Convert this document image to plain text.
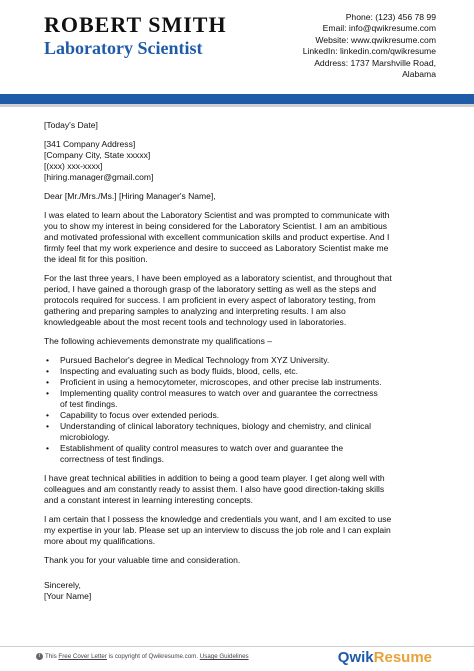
ROBERT SMITH
Laboratory Scientist
Phone: (123) 456 78 99
Email: info@qwikresume.com
Website: www.qwikresume.com
LinkedIn: linkedin.com/qwikresume
Address: 1737 Marshville Road,
Alabama

[Today's Date]

[341 Company Address]
[Company City, State xxxxx]
[(xxx) xxx-xxxx]
[hiring.manager@gmail.com]

Dear [Mr./Mrs./Ms.] [Hiring Manager's Name],

I was elated to learn about the Laboratory Scientist and was prompted to communicate with
you to show my interest in being considered for the Laboratory Scientist. I am an ambitious
and motivated professional with excellent communication skills and product expertise. And I
firmly feel that my work experience and desire to succeed as Laboratory Scientist make me
the ideal fit for this position.

For the last three years, I have been employed as a laboratory scientist, and throughout that
period, I have gained a thorough grasp of the laboratory setting as well as the steps and
protocols required for success. I am proficient in every aspect of laboratory testing, from
gathering and preparing samples to analyzing and interpreting results. I am also
knowledgeable about the most recent tools and technology used in laboratories.

The following achievements demonstrate my qualifications –

• Pursued Bachelor's degree in Medical Technology from XYZ University.
• Inspecting and evaluating such as body fluids, blood, cells, etc.
• Proficient in using a hemocytometer, microscopes, and other precise lab instruments.
• Implementing quality control measures to watch over and guarantee the correctness
of test findings.
• Capability to focus over extended periods.
• Understanding of clinical laboratory techniques, biology and chemistry, and clinical
microbiology.
• Establishment of quality control measures to watch over and guarantee the
correctness of test findings.

I have great technical abilities in addition to being a good team player. I get along well with
colleagues and am constantly ready to assist them. I also have good direction-taking skills
and a constant interest in learning interesting concepts.

I am certain that I possess the knowledge and credentials you want, and I am excited to use
my expertise in your lab. Please set up an interview to discuss the job role and I can explain
more about my qualifications.

Thank you for your valuable time and consideration.

Sincerely,
[Your Name]
i This Free Cover Letter is copyright of Qwikresume.com. Usage Guidelines	QwikResume
